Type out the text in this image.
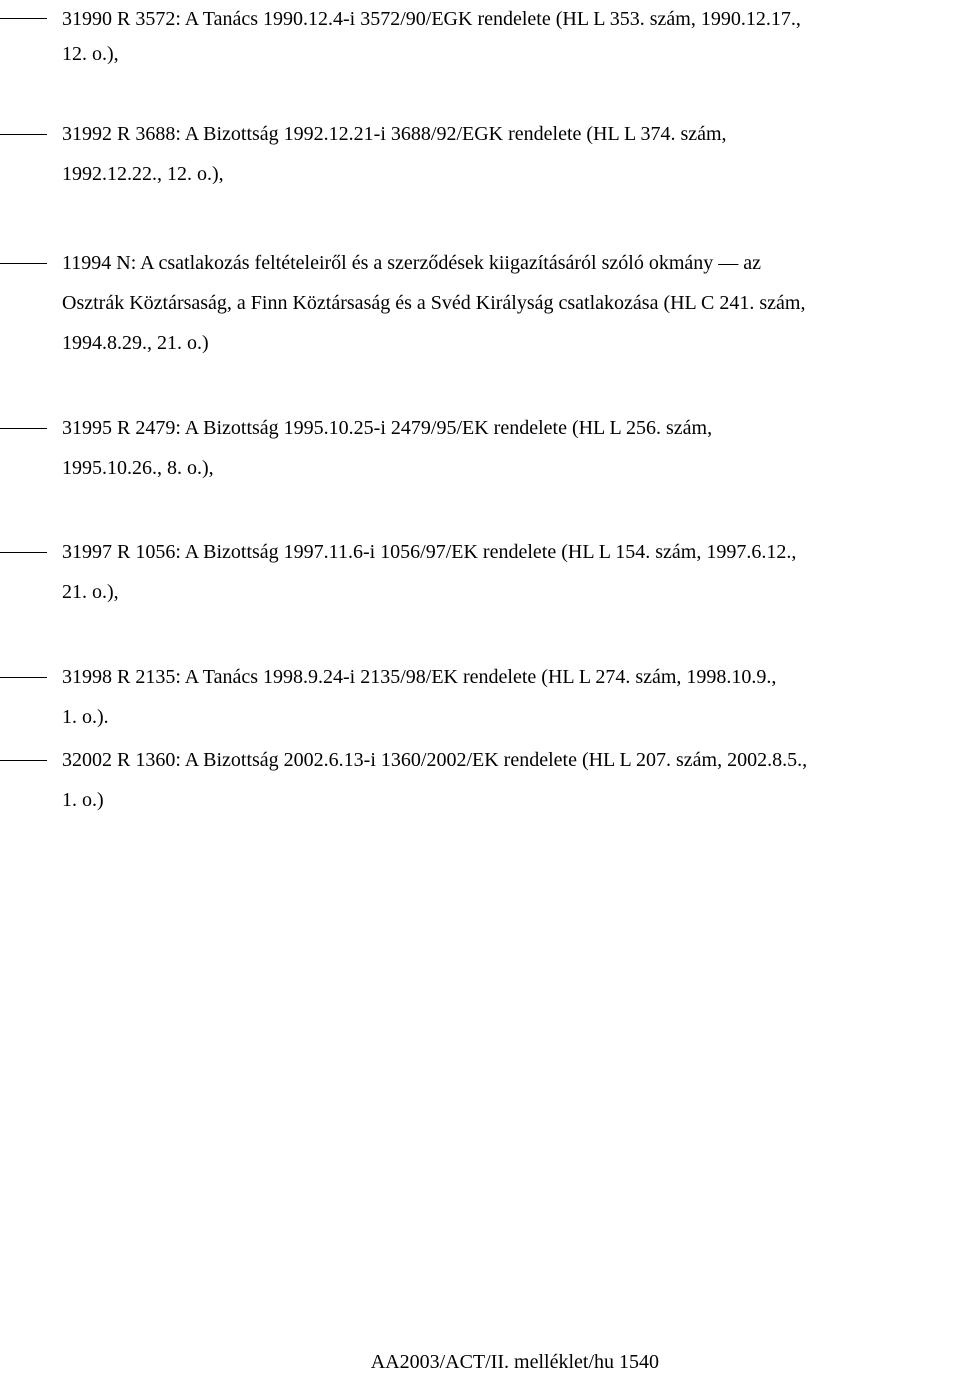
31990 R 3572: A Tanács 1990.12.4-i 3572/90/EGK rendelete (HL L 353. szám, 1990.12.17.,
12. o.),
31992 R 3688: A Bizottság 1992.12.21-i 3688/92/EGK rendelete (HL L 374. szám,
1992.12.22., 12. o.),
11994 N: A csatlakozás feltételeiről és a szerződések kiigazításáról szóló okmány — az
Osztrák Köztársaság, a Finn Köztársaság és a Svéd Királyság csatlakozása (HL C 241. szám,
1994.8.29., 21. o.)
31995 R 2479: A Bizottság 1995.10.25-i 2479/95/EK rendelete (HL L 256. szám,
1995.10.26., 8. o.),
31997 R 1056: A Bizottság 1997.11.6-i 1056/97/EK rendelete (HL L 154. szám, 1997.6.12.,
21. o.),
31998 R 2135: A Tanács 1998.9.24-i 2135/98/EK rendelete (HL L 274. szám, 1998.10.9.,
1. o.).
32002 R 1360: A Bizottság 2002.6.13-i 1360/2002/EK rendelete (HL L 207. szám, 2002.8.5.,
1. o.)
AA2003/ACT/II. melléklet/hu 1540
